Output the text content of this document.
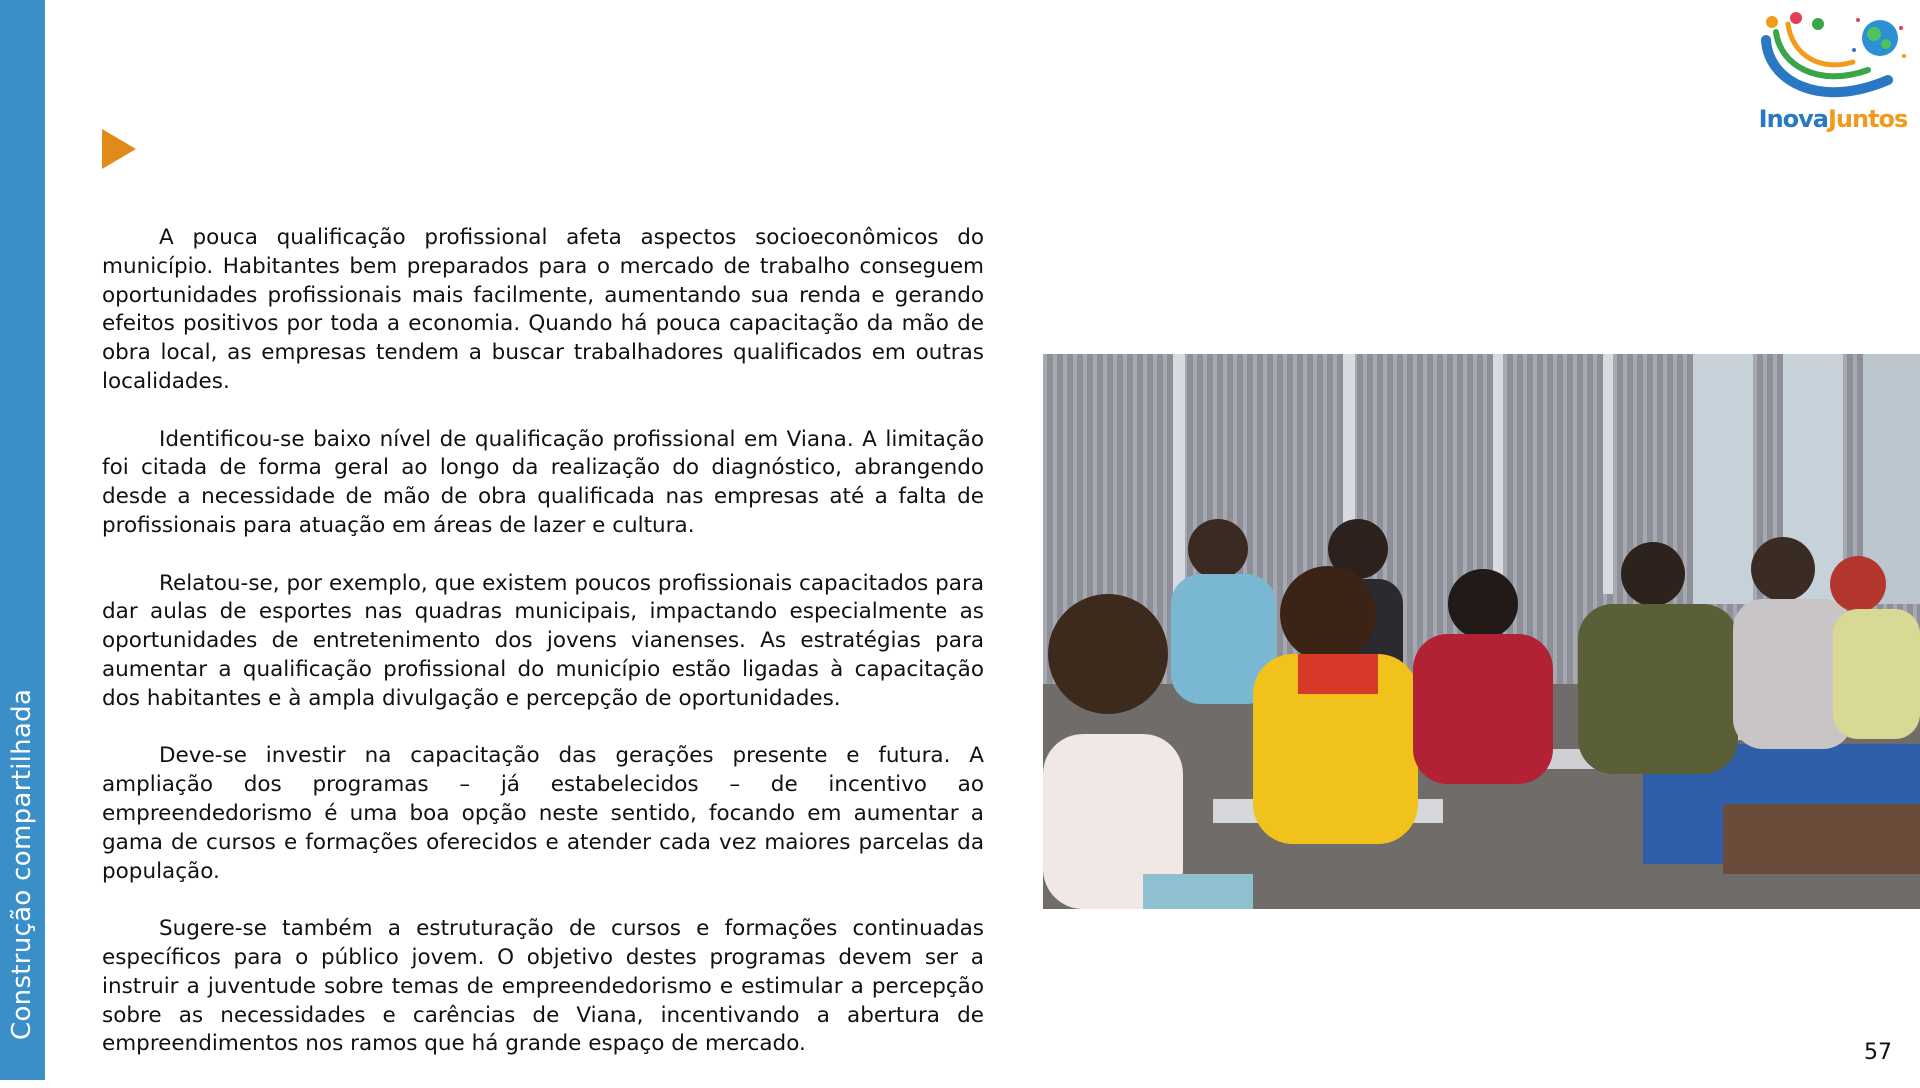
Construção compartilhada
InovaJuntos

A pouca qualificação profissional afeta aspectos socioeconômicos do município. Habitantes bem preparados para o mercado de trabalho conseguem oportunidades profissionais mais facilmente, aumentando sua renda e gerando efeitos positivos por toda a economia. Quando há pouca capacitação da mão de obra local, as empresas tendem a buscar trabalhadores qualificados em outras localidades.

Identificou-se baixo nível de qualificação profissional em Viana. A limitação foi citada de forma geral ao longo da realização do diagnóstico, abrangendo desde a necessidade de mão de obra qualificada nas empresas até a falta de profissionais para atuação em áreas de lazer e cultura.

Relatou-se, por exemplo, que existem poucos profissionais capacitados para dar aulas de esportes nas quadras municipais, impactando especialmente as oportunidades de entretenimento dos jovens vianenses. As estratégias para aumentar a qualificação profissional do município estão ligadas à capacitação dos habitantes e à ampla divulgação e percepção de oportunidades.

Deve-se investir na capacitação das gerações presente e futura. A ampliação dos programas – já estabelecidos – de incentivo ao empreendedorismo é uma boa opção neste sentido, focando em aumentar a gama de cursos e formações oferecidos e atender cada vez maiores parcelas da população.

Sugere-se também a estruturação de cursos e formações continuadas específicos para o público jovem. O objetivo destes programas devem ser a instruir a juventude sobre temas de empreendedorismo e estimular a percepção sobre as necessidades e carências de Viana, incentivando a abertura de empreendimentos nos ramos que há grande espaço de mercado.	57
